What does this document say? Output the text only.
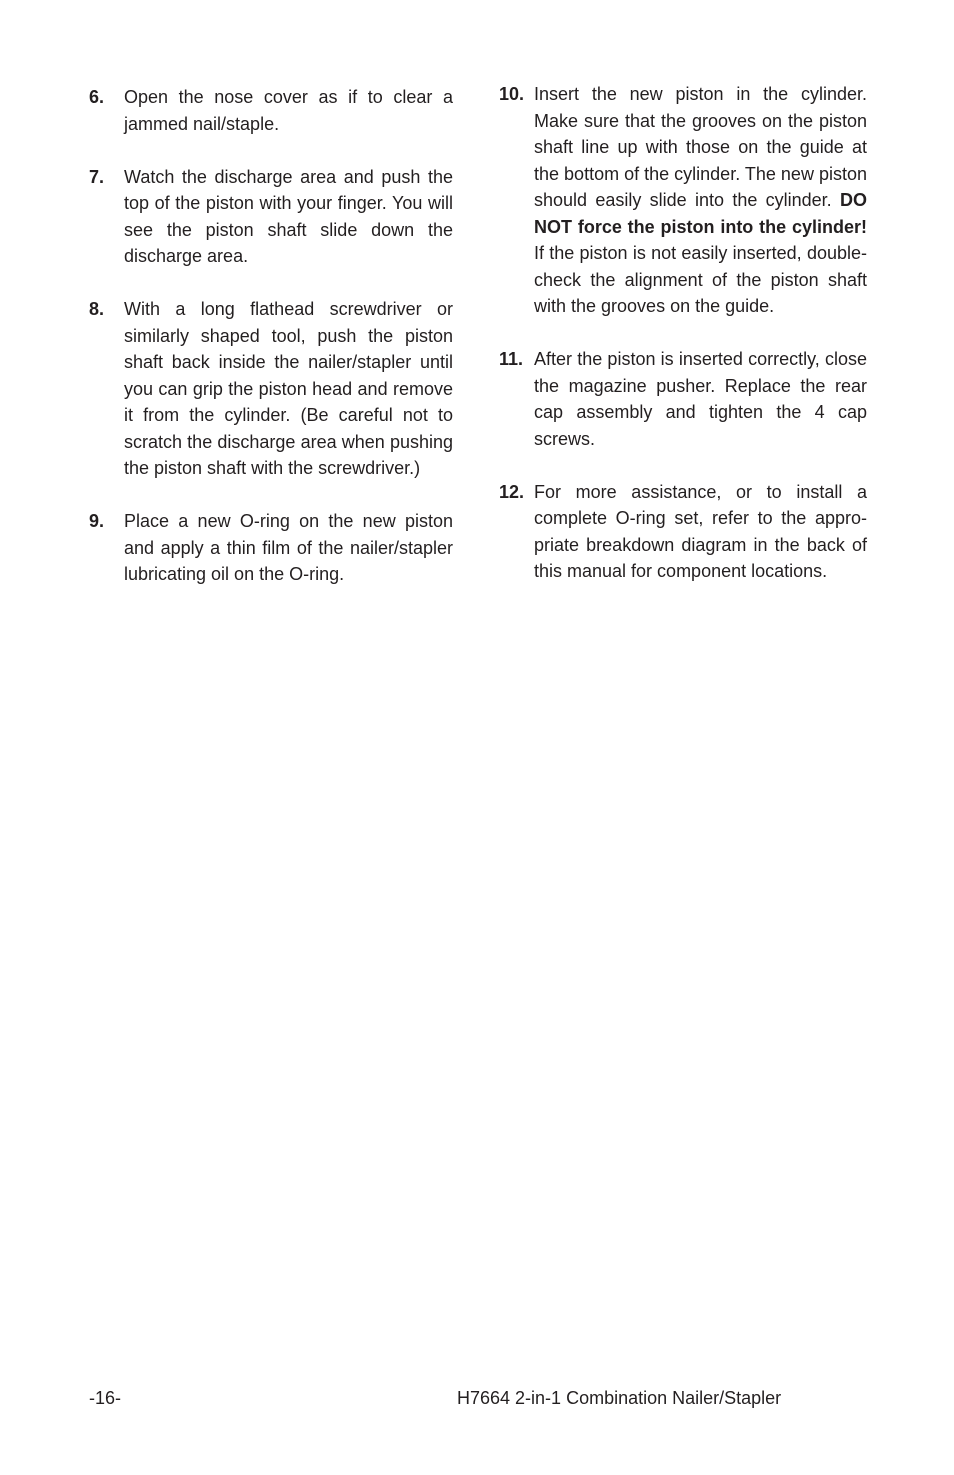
6.	Open the nose cover as if to clear a jammed nail/staple.
7.	Watch the discharge area and push the top of the piston with your finger. You will see the piston shaft slide down the discharge area.
8.	With a long flathead screwdriver or similarly shaped tool, push the piston shaft back inside the nailer/stapler until you can grip the piston head and remove it from the cylinder. (Be careful not to scratch the discharge area when pushing the piston shaft with the screwdriver.)
9.	Place a new O-ring on the new piston and apply a thin film of the nailer/stapler lubricating oil on the O-ring.
10. Insert the new piston in the cylinder. Make sure that the grooves on the piston shaft line up with those on the guide at the bottom of the cylinder. The new piston should easily slide into the cylinder. DO NOT force the piston into the cylinder! If the piston is not easily inserted, double-check the alignment of the piston shaft with the grooves on the guide.
11. After the piston is inserted correctly, close the magazine pusher. Replace the rear cap assembly and tighten the 4 cap screws.
12. For more assistance, or to install a complete O-ring set, refer to the appropriate breakdown diagram in the back of this manual for component locations.
-16-	H7664 2-in-1 Combination Nailer/Stapler
